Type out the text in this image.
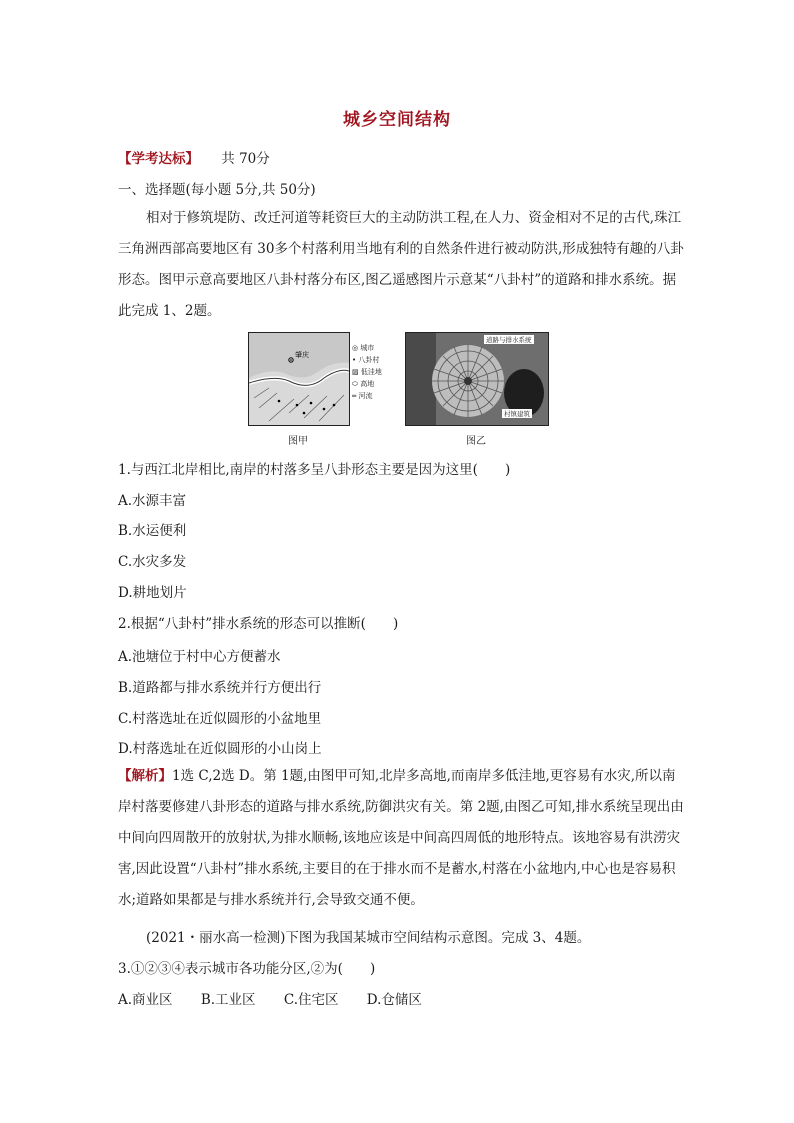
城乡空间结构
【学考达标】 共 70分
一、选择题(每小题 5分,共 50分)
相对于修筑堤防、改迁河道等耗资巨大的主动防洪工程,在人力、资金相对不足的古代,珠江三角洲西部高要地区有 30多个村落利用当地有利的自然条件进行被动防洪,形成独特有趣的八卦形态。图甲示意高要地区八卦村落分布区,图乙遥感图片示意某“八卦村”的道路和排水系统。据此完成 1、2题。
肇庆
◎ 城市
• 八卦村
▨ 低洼地
⬭ 高地
═ 河流
道路与排水系统
村镇建筑
图甲	图乙
1.与西江北岸相比,南岸的村落多呈八卦形态主要是因为这里(　　)
A.水源丰富
B.水运便利
C.水灾多发
D.耕地划片
2.根据“八卦村”排水系统的形态可以推断(　　)
A.池塘位于村中心方便蓄水
B.道路都与排水系统并行方便出行
C.村落选址在近似圆形的小盆地里
D.村落选址在近似圆形的小山岗上
【解析】1选 C,2选 D。第 1题,由图甲可知,北岸多高地,而南岸多低洼地,更容易有水灾,所以南岸村落要修建八卦形态的道路与排水系统,防御洪灾有关。第 2题,由图乙可知,排水系统呈现出由中间向四周散开的放射状,为排水顺畅,该地应该是中间高四周低的地形特点。该地容易有洪涝灾害,因此设置“八卦村”排水系统,主要目的在于排水而不是蓄水,村落在小盆地内,中心也是容易积水;道路如果都是与排水系统并行,会导致交通不便。
(2021・丽水高一检测)下图为我国某城市空间结构示意图。完成 3、4题。
3.①②③④表示城市各功能分区,②为(　　)
A.商业区 B.工业区 C.住宅区 D.仓储区
